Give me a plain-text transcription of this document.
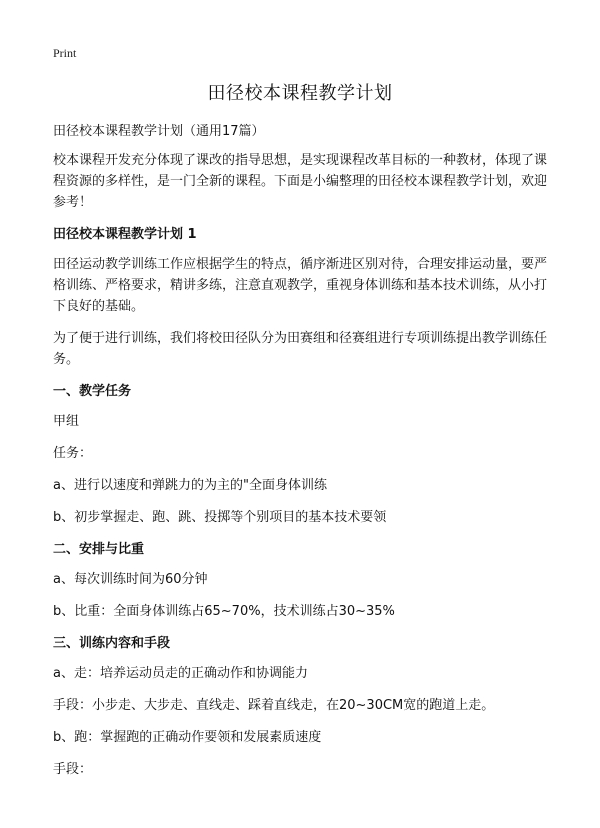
Print
田径校本课程教学计划

田径校本课程教学计划（通用17篇）

校本课程开发充分体现了课改的指导思想，是实现课程改革目标的一种教材，体现了课程资源的多样性，是一门全新的课程。下面是小编整理的田径校本课程教学计划，欢迎参考！

田径校本课程教学计划 1

田径运动教学训练工作应根据学生的特点，循序渐进区别对待，合理安排运动量，要严格训练、严格要求，精讲多练，注意直观教学，重视身体训练和基本技术训练，从小打下良好的基础。

为了便于进行训练，我们将校田径队分为田赛组和径赛组进行专项训练提出教学训练任务。

一、教学任务

甲组

任务：

a、进行以速度和弹跳力的为主的"全面身体训练

b、初步掌握走、跑、跳、投掷等个别项目的基本技术要领

二、安排与比重

a、每次训练时间为60分钟

b、比重：全面身体训练占65~70%，技术训练占30~35%

三、训练内容和手段

a、走：培养运动员走的正确动作和协调能力

手段：小步走、大步走、直线走、踩着直线走，在20~30CM宽的跑道上走。

b、跑：掌握跑的正确动作要领和发展素质速度

手段：
